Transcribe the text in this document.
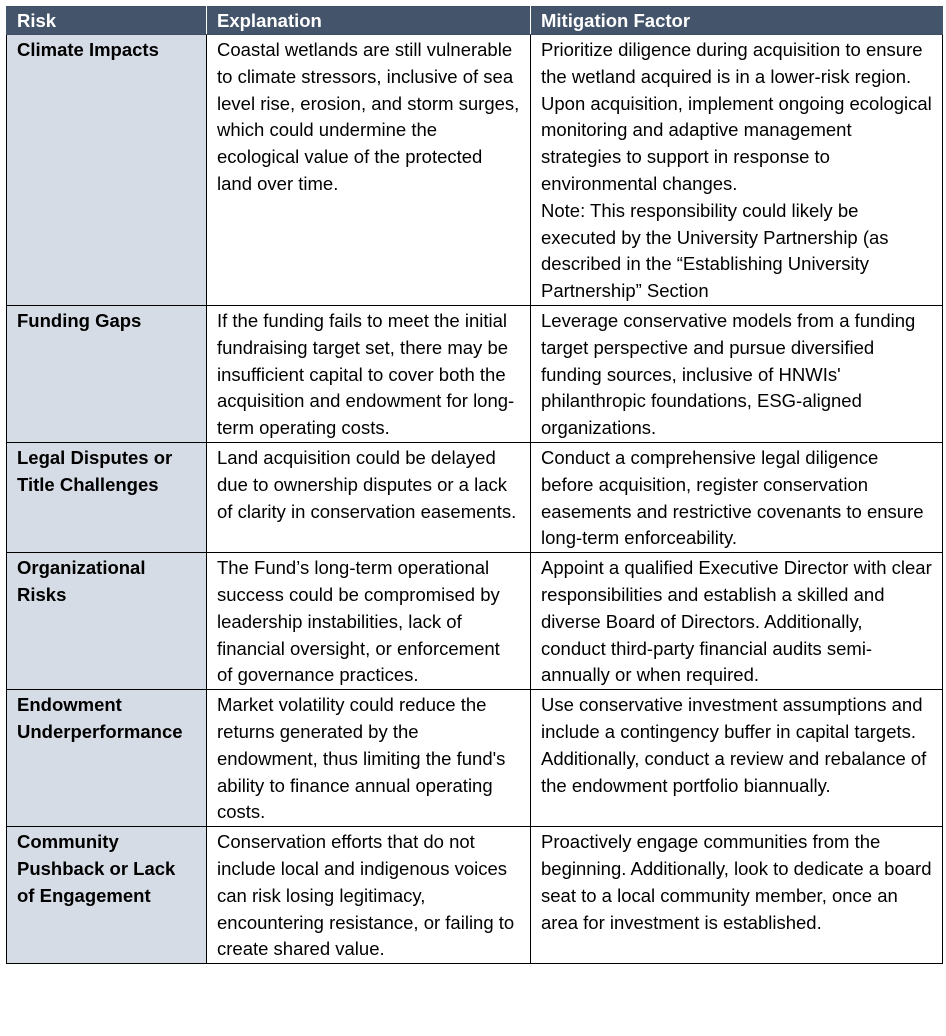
Risk	Explanation	Mitigation Factor
Climate Impacts	Coastal wetlands are still vulnerable to climate stressors, inclusive of sea level rise, erosion, and storm surges, which could undermine the ecological value of the protected land over time.	Prioritize diligence during acquisition to ensure the wetland acquired is in a lower-risk region. Upon acquisition, implement ongoing ecological monitoring and adaptive management strategies to support in response to environmental changes.
Note: This responsibility could likely be executed by the University Partnership (as described in the “Establishing University Partnership” Section

Funding Gaps	If the funding fails to meet the initial fundraising target set, there may be insufficient capital to cover both the acquisition and endowment for long-term operating costs.	Leverage conservative models from a funding target perspective and pursue diversified funding sources, inclusive of HNWIs' philanthropic foundations, ESG-aligned organizations.
Legal Disputes or Title Challenges	Land acquisition could be delayed due to ownership disputes or a lack of clarity in conservation easements.	Conduct a comprehensive legal diligence before acquisition, register conservation easements and restrictive covenants to ensure long-term enforceability.
Organizational Risks	The Fund’s long-term operational success could be compromised by leadership instabilities, lack of financial oversight, or enforcement of governance practices.	Appoint a qualified Executive Director with clear responsibilities and establish a skilled and diverse Board of Directors. Additionally, conduct third-party financial audits semi-annually or when required.
Endowment Underperformance	Market volatility could reduce the returns generated by the endowment, thus limiting the fund's ability to finance annual operating costs.	Use conservative investment assumptions and include a contingency buffer in capital targets. Additionally, conduct a review and rebalance of the endowment portfolio biannually.
Community Pushback or Lack of Engagement	Conservation efforts that do not include local and indigenous voices can risk losing legitimacy, encountering resistance, or failing to create shared value.	Proactively engage communities from the beginning. Additionally, look to dedicate a board seat to a local community member, once an area for investment is established.
